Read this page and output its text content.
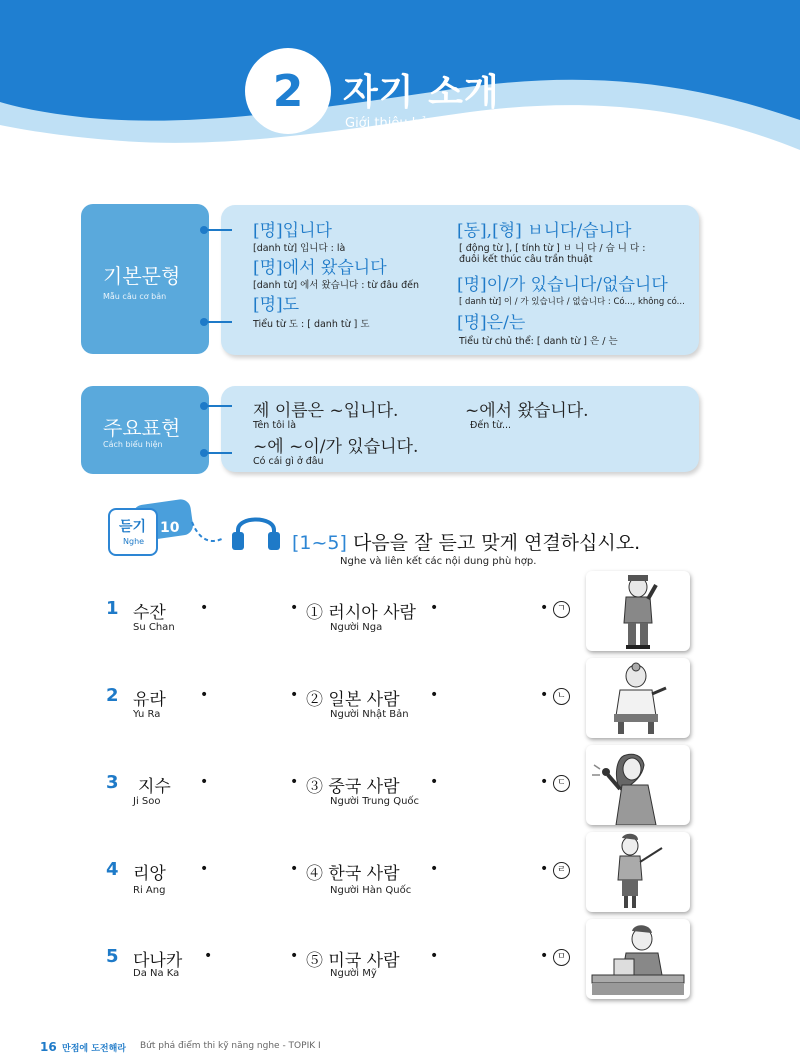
2	자기 소개
Giới thiệu bản thân
기본문형
Mẫu câu cơ bản
[명]입니다
[danh từ] 입니다 : là
[명]에서 왔습니다
[danh từ] 에서 왔습니다 : từ đâu đến
[명]도
Tiểu từ 도 : [ danh từ ] 도
[동],[형] ㅂ니다/습니다
[ động từ ], [ tính từ ] ㅂ 니 다 / 습 니 다 :
đuôi kết thúc câu trần thuật
[명]이/가 있습니다/없습니다
[ danh từ] 이 / 가 있습니다 / 없습니다 : Có..., không có...
[명]은/는
Tiểu từ chủ thể: [ danh từ ] 은 / 는
주요표현
Cách biểu hiện
제 이름은 ~입니다.
Tên tôi là
~에 ~이/가 있습니다.
Có cái gì ở đâu
~에서 왔습니다.
Đến từ...
10
듣기
Nghe	[1~5] 다음을 잘 듣고 맞게 연결하십시오.
Nghe và liên kết các nội dung phù hợp.
1 수잔
Su Chan
•	• ① 러시아 사람
Người Nga
•	• ㄱ
2 유라
Yu Ra
•	• ② 일본 사람
Người Nhật Bản
•	• ㄴ
3 지수
Ji Soo
•	• ③ 중국 사람
Người Trung Quốc
•	• ㄷ
4 리앙
Ri Ang
•	• ④ 한국 사람
Người Hàn Quốc
•	• ㄹ
5 다나카
Da Na Ka
•	• ⑤ 미국 사람
Người Mỹ
•	• ㅁ
16 만점에 도전해라 Bứt phá điểm thi kỹ năng nghe - TOPIK I
